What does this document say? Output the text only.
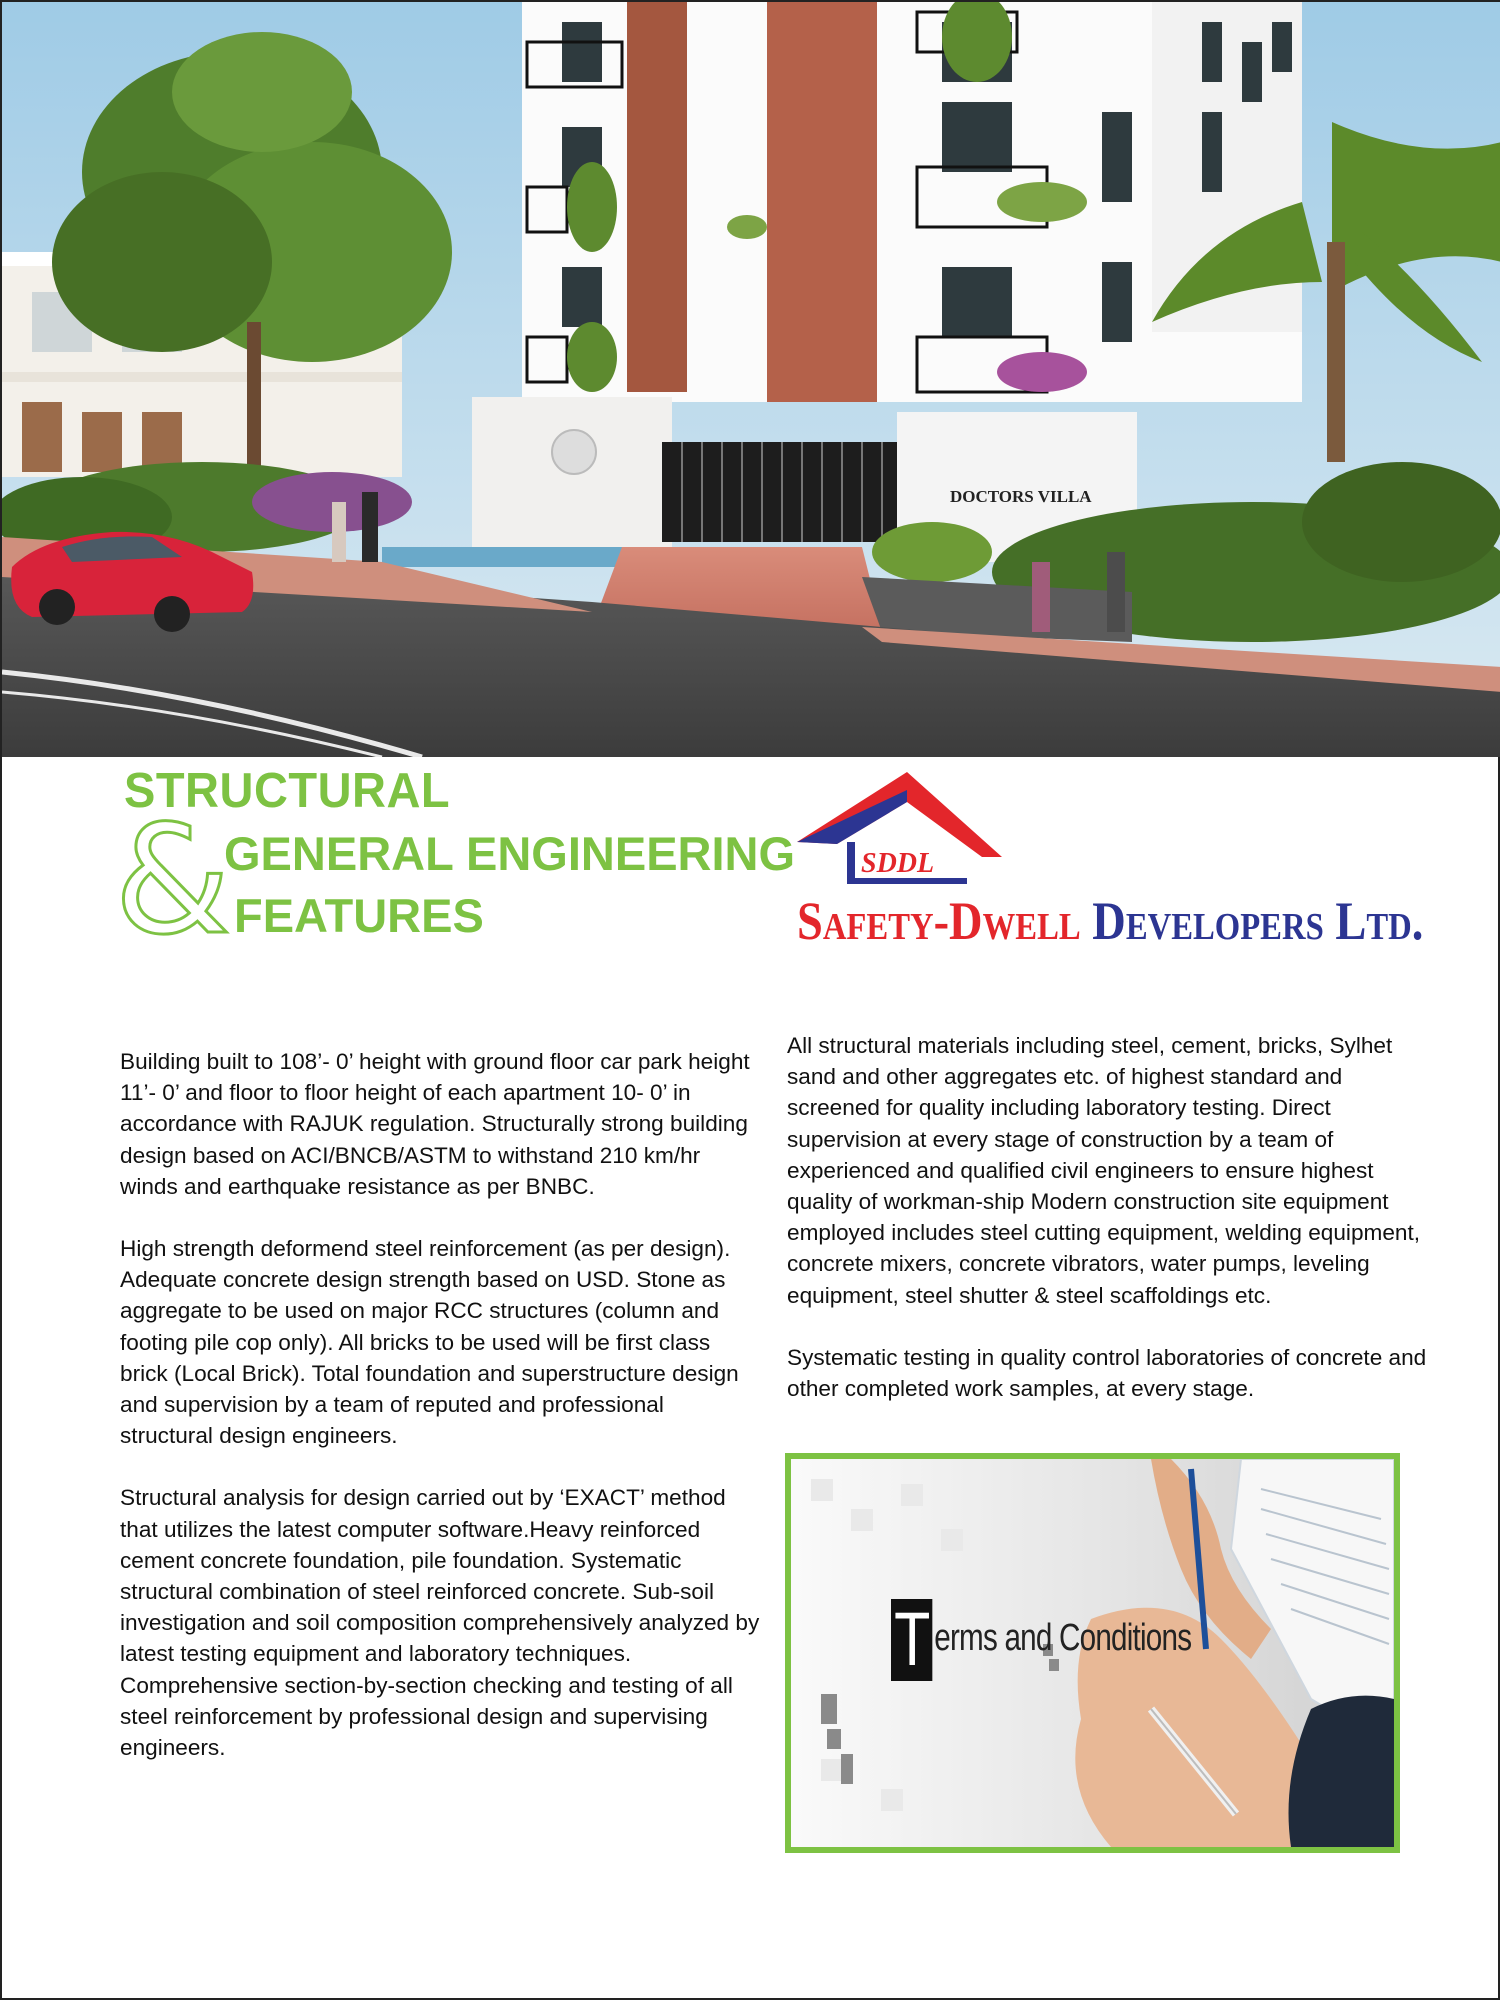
DOCTORS VILLA
&
STRUCTURAL
GENERAL ENGINEERING
FEATURES
SDDL
Safety-Dwell Developers Ltd.

Building built to 108’- 0’ height with ground floor car park height 11’- 0’ and floor to floor height of each apartment 10- 0’ in accordance with RAJUK regulation. Structurally strong building design based on ACI/BNCB/ASTM to withstand 210 km/hr winds and earthquake resistance as per BNBC.

High strength deformend steel reinforcement (as per design). Adequate concrete design strength based on USD. Stone as aggregate to be used on major RCC structures (column and footing pile cop only). All bricks to be used will be first class brick (Local Brick). Total foundation and superstructure design and supervision by a team of reputed and professional structural design engineers.

Structural analysis for design carried out by ‘EXACT’ method that utilizes the latest computer software.Heavy reinforced cement concrete foundation, pile foundation. Systematic structural combination of steel reinforced concrete. Sub-soil investigation and soil composition comprehensively analyzed by latest testing equipment and laboratory techniques. Comprehensive section-by-section checking and testing of all steel reinforcement by professional design and supervising engineers.

All structural materials including steel, cement, bricks, Sylhet sand and other aggregates etc. of highest standard and screened for quality including laboratory testing. Direct supervision at every stage of construction by a team of experienced and qualified civil engineers to ensure highest quality of workman-ship Modern construction site equipment employed includes steel cutting equipment, welding equipment, concrete mixers, concrete vibrators, water pumps, leveling equipment, steel shutter & steel scaffoldings etc.

Systematic testing in quality control laboratories of concrete and other completed work samples, at every stage.

T erms and Conditions
